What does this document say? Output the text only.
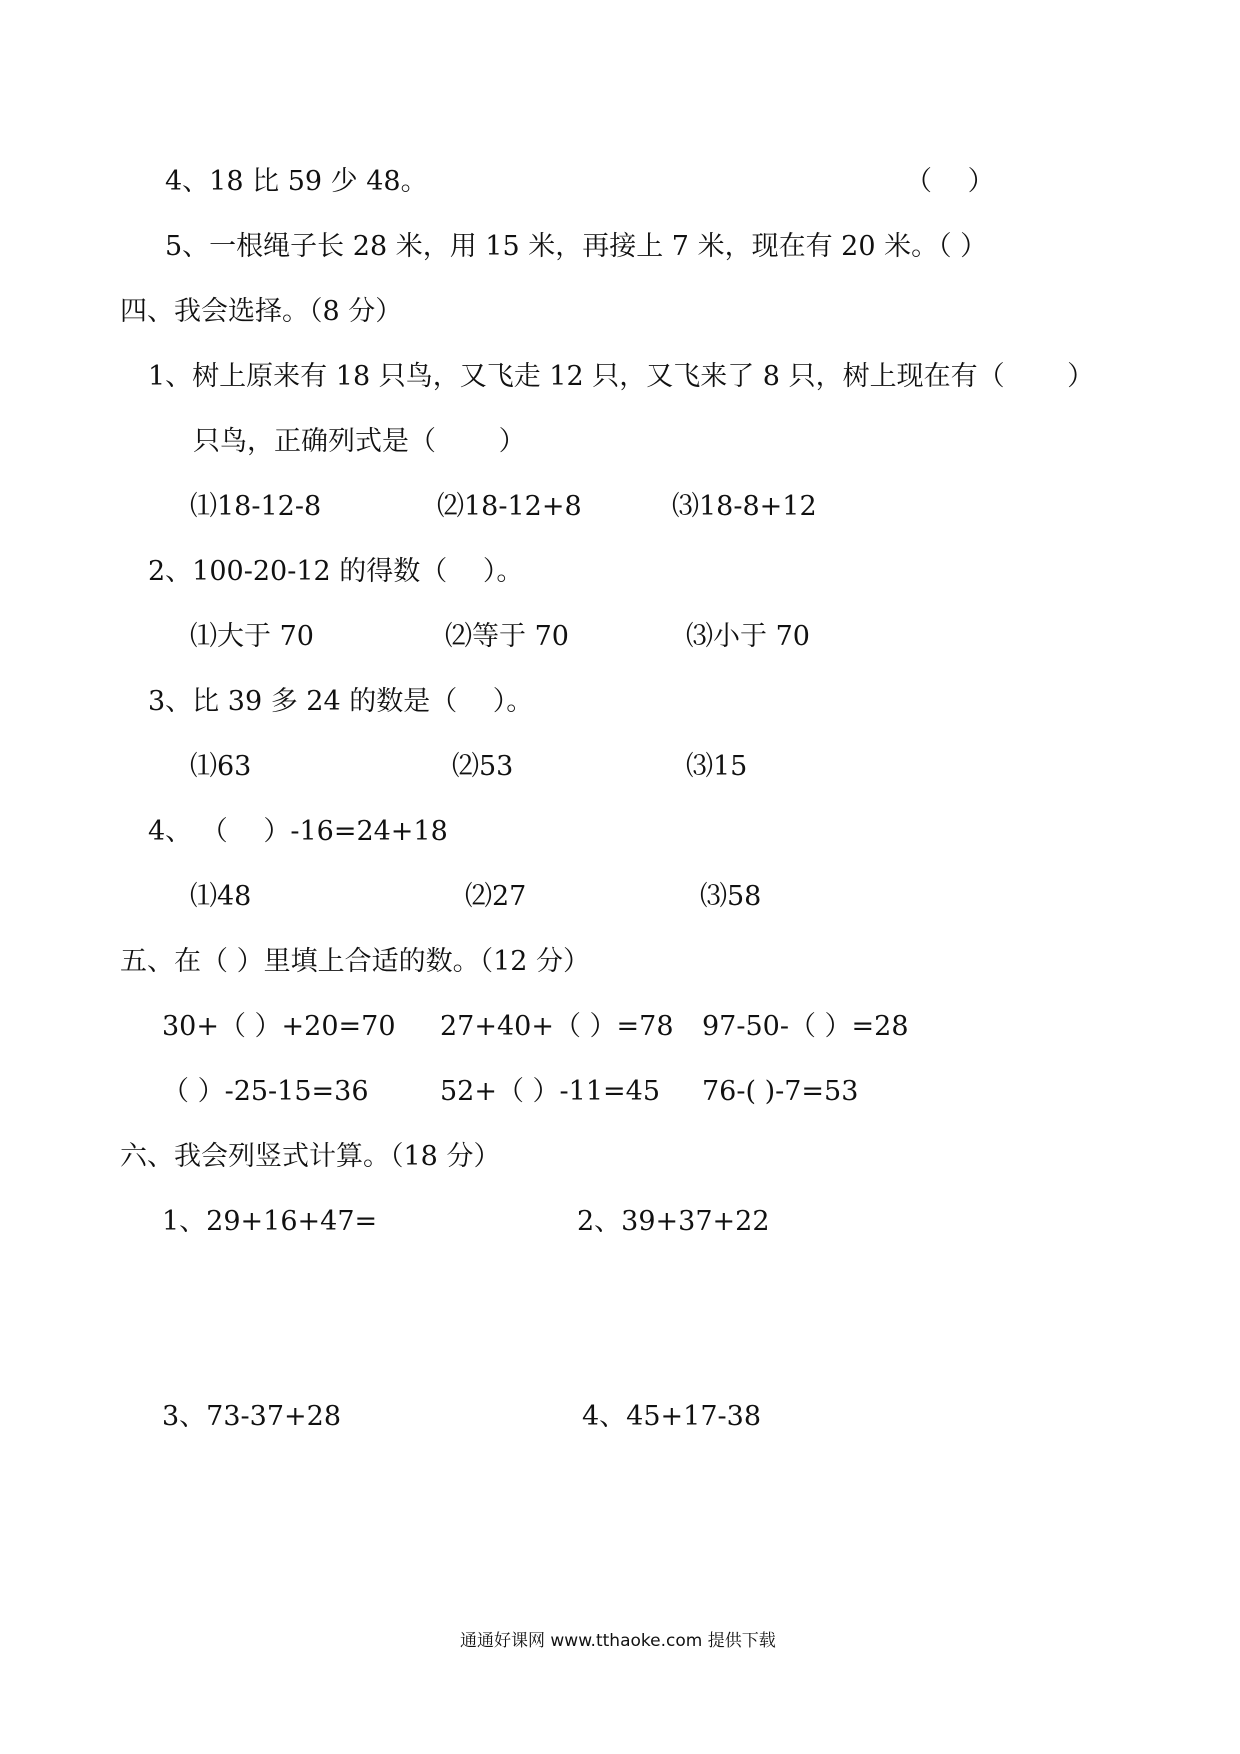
4、18 比 59 少 48。	（　 ）
5、一根绳子长 28 米，用 15 米，再接上 7 米，现在有 20 米。（ ）
四、我会选择。（8 分）
1、树上原来有 18 只鸟，又飞走 12 只，又飞来了 8 只，树上现在有（　　 ）
只鸟，正确列式是（　　 ）
⑴18-12-8	⑵18-12+8	⑶18-8+12
2、100-20-12 的得数（　 ）。
⑴大于 70	⑵等于 70	⑶小于 70
3、比 39 多 24 的数是（　 ）。
⑴63	⑵53	⑶15
4、 （　 ）-16=24+18
⑴48	⑵27	⑶58
五、在（ ）里填上合适的数。（12 分）
30+（ ）+20=70 27+40+（ ）=78 97-50-（ ）=28
（ ）-25-15=36	52+（ ）-11=45 76-( )-7=53
六、我会列竖式计算。（18 分）
1、29+16+47=	2、39+37+22
3、73-37+28	4、45+17-38
通通好课网 www.tthaoke.com 提供下载
